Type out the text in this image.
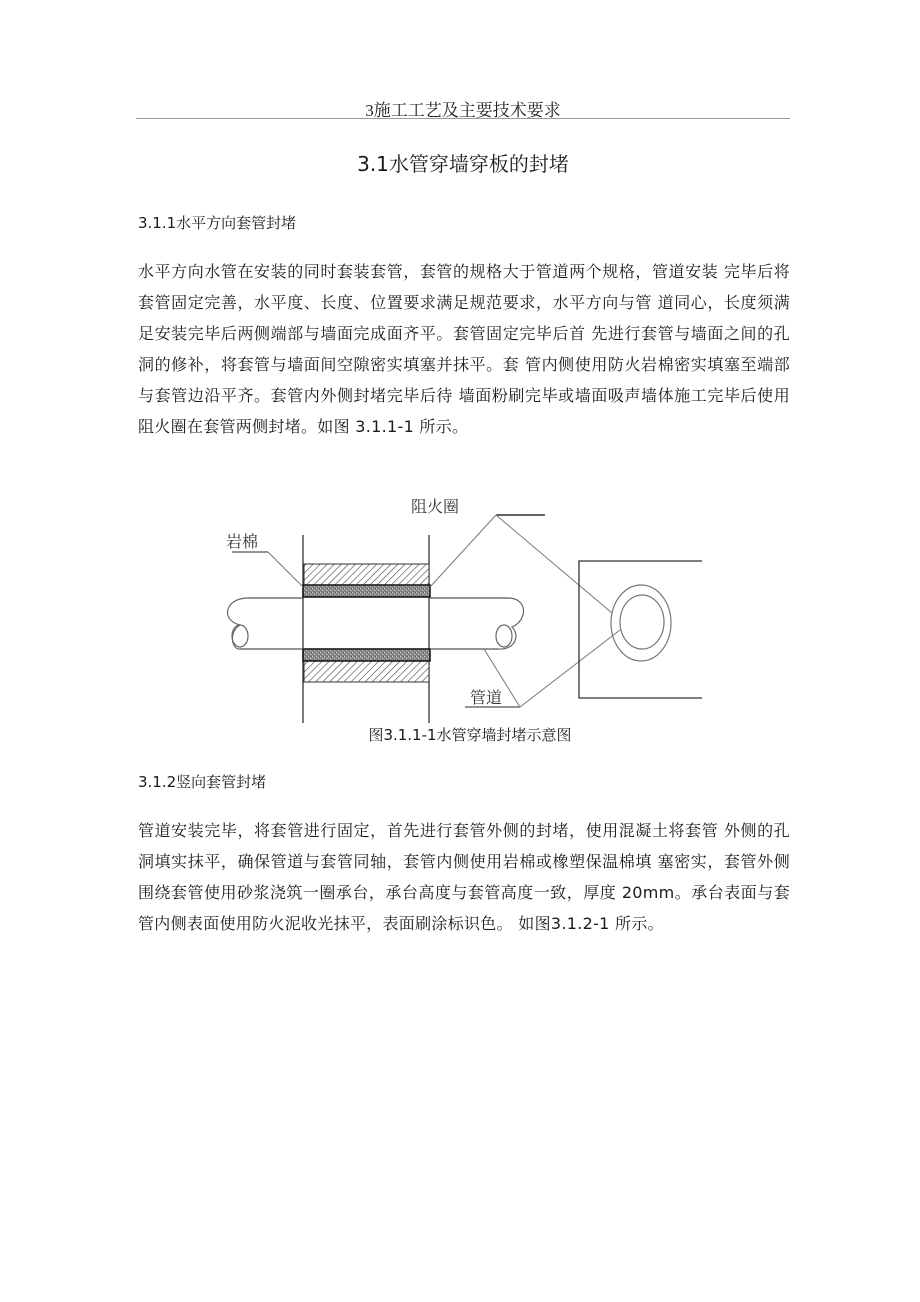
3施工工艺及主要技术要求
3.1水管穿墙穿板的封堵
3.1.1水平方向套管封堵

水平方向水管在安装的同时套装套管，套管的规格大于管道两个规格，管道安装 完毕后将套管固定完善，水平度、长度、位置要求满足规范要求，水平方向与管 道同心，长度须满足安装完毕后两侧端部与墙面完成面齐平。套管固定完毕后首 先进行套管与墙面之间的孔洞的修补，将套管与墙面间空隙密实填塞并抹平。套 管内侧使用防火岩棉密实填塞至端部与套管边沿平齐。套管内外侧封堵完毕后待 墙面粉刷完毕或墙面吸声墙体施工完毕后使用阻火圈在套管两侧封堵。如图 3.1.1-1 所示。

岩棉
阻火圈
管道
图3.1.1-1水管穿墙封堵示意图
3.1.2竖向套管封堵

管道安装完毕，将套管进行固定，首先进行套管外侧的封堵，使用混凝土将套管 外侧的孔洞填实抹平，确保管道与套管同轴，套管内侧使用岩棉或橡塑保温棉填 塞密实，套管外侧围绕套管使用砂浆浇筑一圈承台，承台高度与套管高度一致，厚度 20mm。承台表面与套管内侧表面使用防火泥收光抹平，表面刷涂标识色。 如图3.1.2-1 所示。
